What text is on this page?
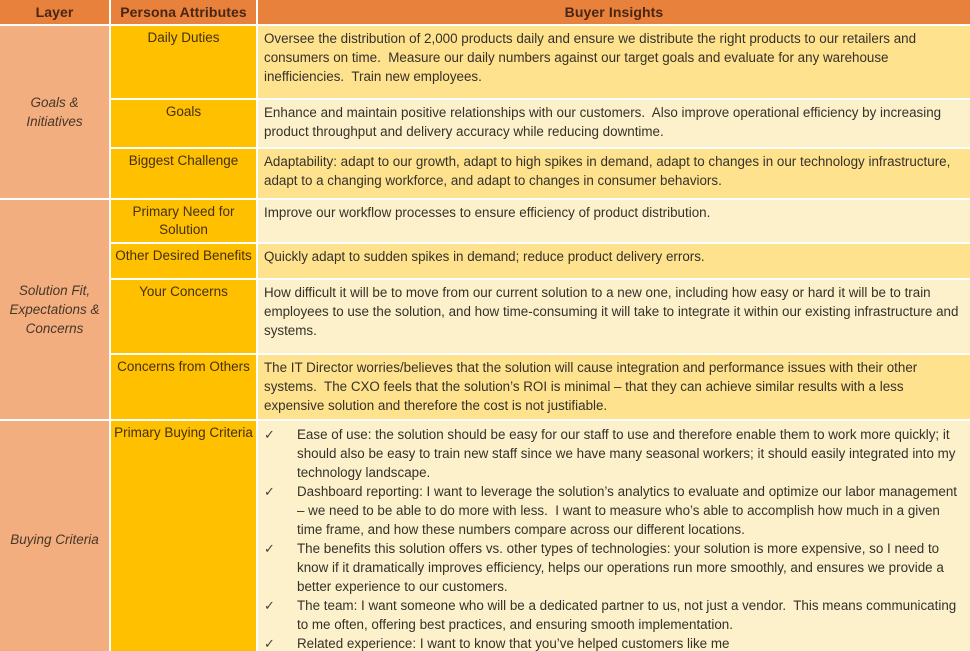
Layer	Persona Attributes	Buyer Insights
Goals & Initiatives	Daily Duties	Oversee the distribution of 2,000 products daily and ensure we distribute the right products to our retailers and consumers on time.  Measure our daily numbers against our target goals and evaluate for any warehouse inefficiencies.  Train new employees.
	Goals	Enhance and maintain positive relationships with our customers.  Also improve operational efficiency by increasing product throughput and delivery accuracy while reducing downtime.
	Biggest Challenge	Adaptability: adapt to our growth, adapt to high spikes in demand, adapt to changes in our technology infrastructure, adapt to a changing workforce, and adapt to changes in consumer behaviors.
Solution Fit, Expectations & Concerns	Primary Need for Solution	Improve our workflow processes to ensure efficiency of product distribution.
	Other Desired Benefits	Quickly adapt to sudden spikes in demand; reduce product delivery errors.
	Your Concerns	How difficult it will be to move from our current solution to a new one, including how easy or hard it will be to train employees to use the solution, and how time-consuming it will take to integrate it within our existing infrastructure and systems.
	Concerns from Others	The IT Director worries/believes that the solution will cause integration and performance issues with their other systems.  The CXO feels that the solution’s ROI is minimal – that they can achieve similar results with a less expensive solution and therefore the cost is not justifiable.
Buying Criteria	Primary Buying Criteria	✓	Ease of use: the solution should be easy for our staff to use and therefore enable them to work more quickly; it should also be easy to train new staff since we have many seasonal workers; it should easily integrated into my technology landscape.
✓	Dashboard reporting: I want to leverage the solution’s analytics to evaluate and optimize our labor management – we need to be able to do more with less.  I want to measure who’s able to accomplish how much in a given time frame, and how these numbers compare across our different locations.
✓	The benefits this solution offers vs. other types of technologies: your solution is more expensive, so I need to know if it dramatically improves efficiency, helps our operations run more smoothly, and ensures we provide a better experience to our customers.
✓	The team: I want someone who will be a dedicated partner to us, not just a vendor.  This means communicating to me often, offering best practices, and ensuring smooth implementation.
✓	Related experience: I want to know that you’ve helped customers like me
